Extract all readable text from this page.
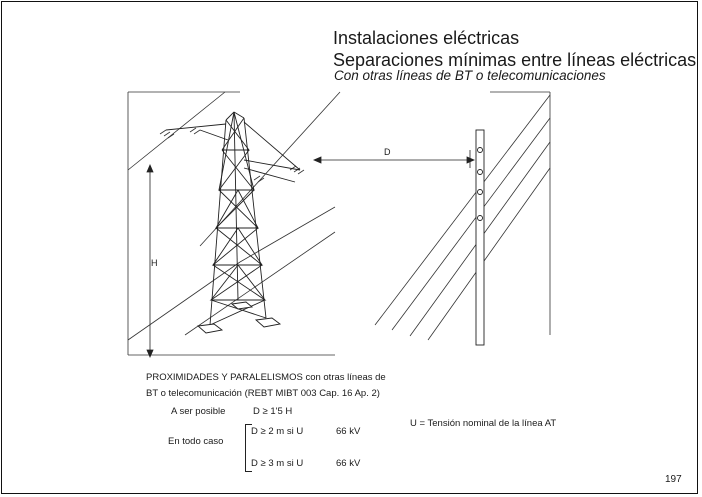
Instalaciones eléctricas
Separaciones mínimas entre líneas eléctricas
Con otras líneas de BT o telecomunicaciones
D
H
PROXIMIDADES Y PARALELISMOS con otras líneas de
BT o telecomunicación (REBT MIBT 003 Cap. 16 Ap. 2)
A ser posible	D ≥ 1'5 H
En todo caso
D ≥ 2 m si U	66 kV
D ≥ 3 m si U	66 kV
U = Tensión nominal de la línea AT
197
